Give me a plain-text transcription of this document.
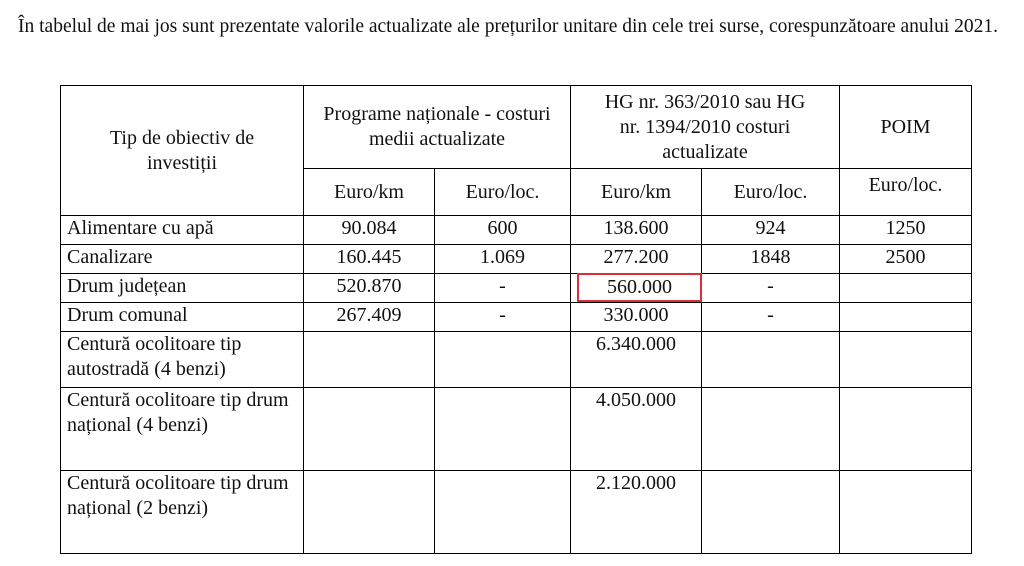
În tabelul de mai jos sunt prezentate valorile actualizate ale prețurilor unitare din cele trei surse, corespunzătoare anului 2021.

Tip de obiectiv de investiții	Programe naționale - costuri medii actualizate		HG nr. 363/2010 sau HG nr. 1394/2010 costuri actualizate		POIM
	Euro/km	Euro/loc.	Euro/km	Euro/loc.	Euro/loc.
Alimentare cu apă	90.084	600	138.600	924	1250
Canalizare	160.445	1.069	277.200	1848	2500
Drum județean	520.870	-	560.000	-	
Drum comunal	267.409	-	330.000	-	
Centură ocolitoare tip autostradă (4 benzi)			6.340.000		
Centură ocolitoare tip drum național (4 benzi)			4.050.000		
Centură ocolitoare tip drum național (2 benzi)			2.120.000		
